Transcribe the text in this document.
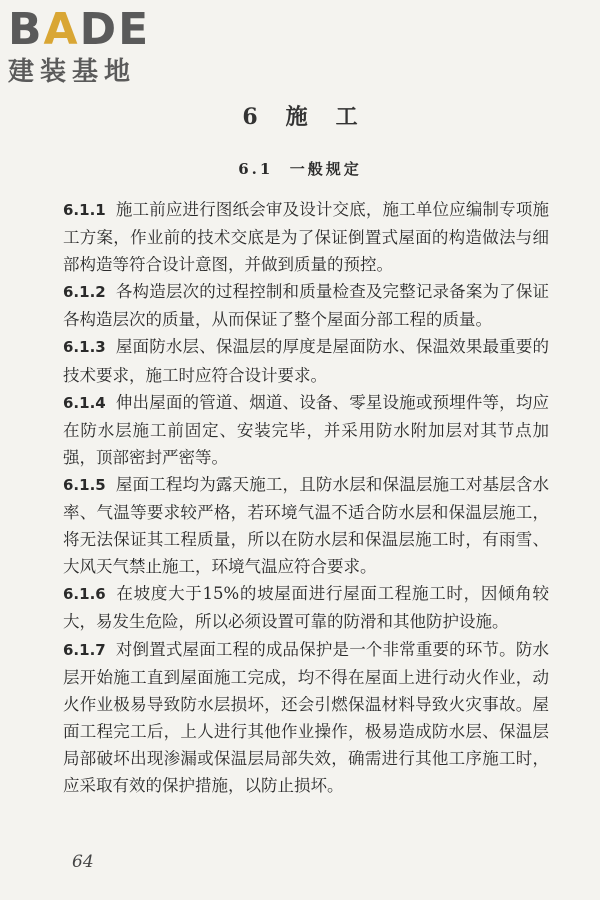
BADE
建装基地
6 施 工
6.1 一般规定

6.1.1 施工前应进行图纸会审及设计交底，施工单位应编制专项施工方案，作业前的技术交底是为了保证倒置式屋面的构造做法与细部构造等符合设计意图，并做到质量的预控。

6.1.2 各构造层次的过程控制和质量检查及完整记录备案为了保证各构造层次的质量，从而保证了整个屋面分部工程的质量。

6.1.3 屋面防水层、保温层的厚度是屋面防水、保温效果最重要的技术要求，施工时应符合设计要求。

6.1.4 伸出屋面的管道、烟道、设备、零星设施或预埋件等，均应在防水层施工前固定、安装完毕，并采用防水附加层对其节点加强，顶部密封严密等。

6.1.5 屋面工程均为露天施工，且防水层和保温层施工对基层含水率、气温等要求较严格，若环境气温不适合防水层和保温层施工，将无法保证其工程质量，所以在防水层和保温层施工时，有雨雪、大风天气禁止施工，环境气温应符合要求。

6.1.6 在坡度大于15%的坡屋面进行屋面工程施工时，因倾角较大，易发生危险，所以必须设置可靠的防滑和其他防护设施。

6.1.7 对倒置式屋面工程的成品保护是一个非常重要的环节。防水层开始施工直到屋面施工完成，均不得在屋面上进行动火作业，动火作业极易导致防水层损坏，还会引燃保温材料导致火灾事故。屋面工程完工后，上人进行其他作业操作，极易造成防水层、保温层局部破坏出现渗漏或保温层局部失效，确需进行其他工序施工时，应采取有效的保护措施，以防止损坏。

64
